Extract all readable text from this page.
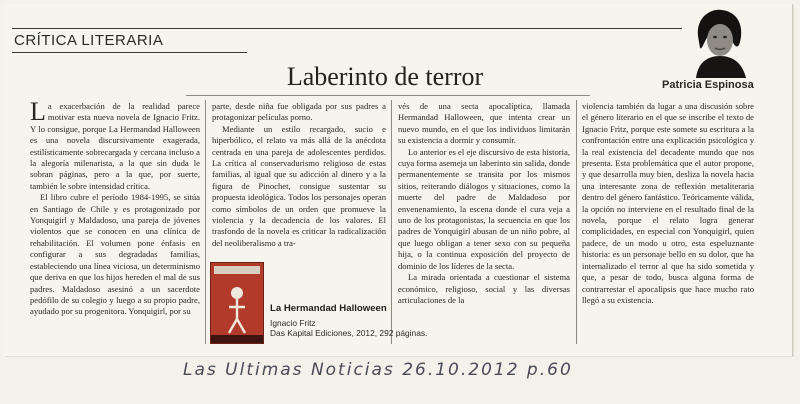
CRÍTICA LITERARIA
Laberinto de terror	Patricia Espinosa
L a exacerbación de la realidad parece motivar esta nueva novela de Ignacio Fritz. Y lo consigue, porque La Hermandad Halloween es una novela discursivamente exagerada, estilísticamente sobrecargada y cercana incluso a la alegoría milenarista, a la que sin duda le sobran páginas, pero a la que, por suerte, también le sobre intensidad crítica.

El libro cubre el período 1984-1995, se sitúa en Santiago de Chile y es protagonizado por Yonquigirl y Maldadoso, una pareja de jóvenes violentos que se conocen en una clínica de rehabilitación. El volumen pone énfasis en configurar a sus degradadas familias, estableciendo una línea viciosa, un determinismo que deriva en que los hijos hereden el mal de sus padres. Maldadoso asesinó a un sacerdote pedófilo de su colegio y luego a su propio padre, ayudado por su progenitora. Yonquigirl, por su

parte, desde niña fue obligada por sus padres a protagonizar películas porno.

Mediante un estilo recargado, sucio e hiperbólico, el relato va más allá de la anécdota centrada en una pareja de adolescentes perdidos. La crítica al conservadurismo religioso de estas familias, al igual que su adicción al dinero y a la figura de Pinochet, consigue sustentar su propuesta ideológica. Todos los personajes operan como símbolos de un orden que promueve la violencia y la decadencia de los valores. El trasfondo de la novela es criticar la radicalización del neoliberalismo a tra-

vés de una secta apocalíptica, llamada Hermandad Halloween, que intenta crear un nuevo mundo, en el que los individuos limitarán su existencia a dormir y consumir.

Lo anterior es el eje discursivo de esta historia, cuya forma asemeja un laberinto sin salida, donde permanentemente se transita por los mismos sitios, reiterando diálogos y situaciones, como la muerte del padre de Maldadoso por envenenamiento, la escena donde el cura veja a uno de los protagonistas, la secuencia en que los padres de Yonquigirl abusan de un niño pobre, al que luego obligan a tener sexo con su pequeña hija, o la continua exposición del proyecto de dominio de los líderes de la secta.

La mirada orientada a cuestionar el sistema económico, religioso, social y las diversas articulaciones de la

violencia también da lugar a una discusión sobre el género literario en el que se inscribe el texto de Ignacio Fritz, porque este somete su escritura a la confrontación entre una explicación psicológica y la real existencia del decadente mundo que nos presenta. Esta problemática que el autor propone, y que desarrolla muy bien, desliza la novela hacia una interesante zona de reflexión metaliteraria dentro del género fantástico. Teóricamente válida, la opción no interviene en el resultado final de la novela, porque el relato logra generar complicidades, en especial con Yonquigirl, quien padece, de un modo u otro, esta espeluznante historia: es un personaje bello en su dolor, que ha internalizado el terror al que ha sido sometida y que, a pesar de todo, busca alguna forma de contrarrestar el apocalipsis que hace mucho rato llegó a su existencia.

La Hermandad Halloween
Ignacio Fritz
Das Kapital Ediciones, 2012, 292 páginas.
Las Ultimas Noticias 26.10.2012 p.60
